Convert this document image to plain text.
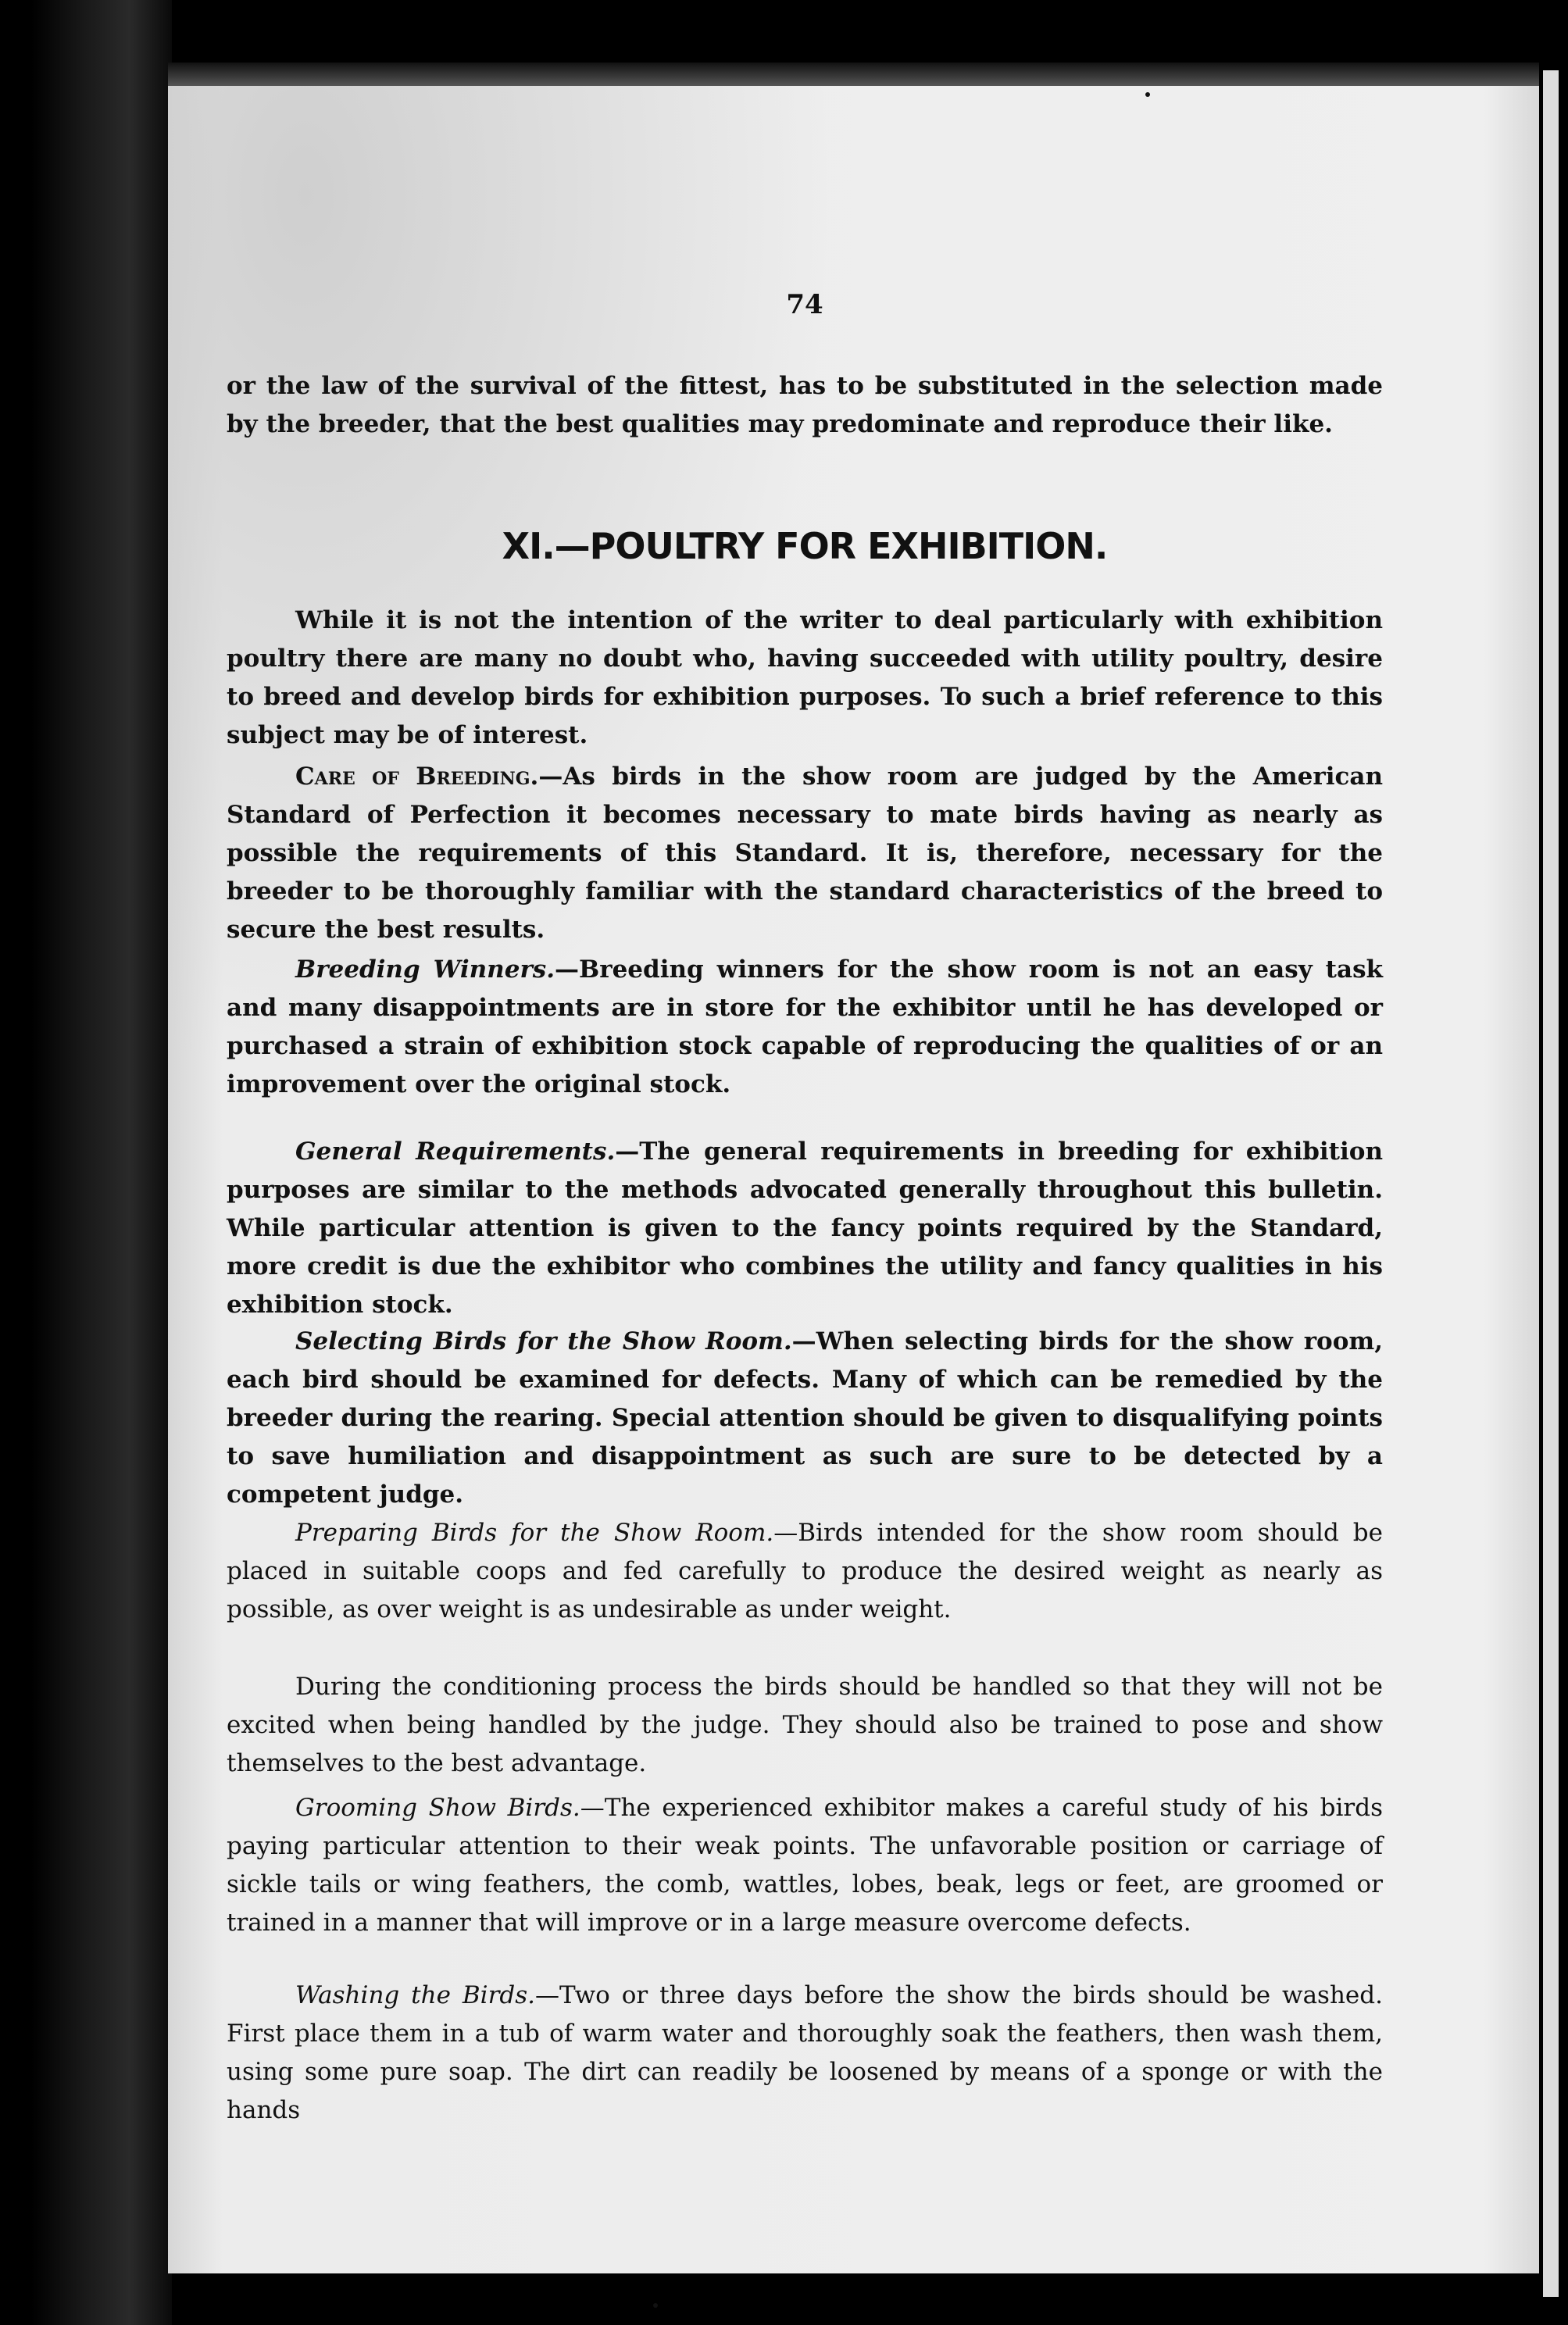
74

or the law of the survival of the fittest, has to be substituted in the selection made by the breeder, that the best qualities may predominate and reproduce their like.

XI.—POULTRY FOR EXHIBITION.

While it is not the intention of the writer to deal particularly with exhibition poultry there are many no doubt who, having succeeded with utility poultry, desire to breed and develop birds for exhibition purposes. To such a brief reference to this subject may be of interest.

Care of Breeding.—As birds in the show room are judged by the American Standard of Perfection it becomes necessary to mate birds having as nearly as possible the requirements of this Standard. It is, therefore, necessary for the breeder to be thoroughly familiar with the standard characteristics of the breed to secure the best results.

Breeding Winners.—Breeding winners for the show room is not an easy task and many disappointments are in store for the exhibitor until he has developed or purchased a strain of exhibition stock capable of reproducing the qualities of or an improvement over the original stock.

General Requirements.—The general requirements in breeding for exhibition purposes are similar to the methods advocated generally throughout this bulletin. While particular attention is given to the fancy points required by the Standard, more credit is due the exhibitor who combines the utility and fancy qualities in his exhibition stock.

Selecting Birds for the Show Room.—When selecting birds for the show room, each bird should be examined for defects. Many of which can be remedied by the breeder during the rearing. Special attention should be given to disqualifying points to save humiliation and disappointment as such are sure to be detected by a competent judge.

Preparing Birds for the Show Room.—Birds intended for the show room should be placed in suitable coops and fed carefully to produce the desired weight as nearly as possible, as over weight is as undesirable as under weight.

During the conditioning process the birds should be handled so that they will not be excited when being handled by the judge. They should also be trained to pose and show themselves to the best advantage.

Grooming Show Birds.—The experienced exhibitor makes a careful study of his birds paying particular attention to their weak points. The unfavorable position or carriage of sickle tails or wing feathers, the comb, wattles, lobes, beak, legs or feet, are groomed or trained in a manner that will improve or in a large measure overcome defects.

Washing the Birds.—Two or three days before the show the birds should be washed. First place them in a tub of warm water and thoroughly soak the feathers, then wash them, using some pure soap. The dirt can readily be loosened by means of a sponge or with the hands
